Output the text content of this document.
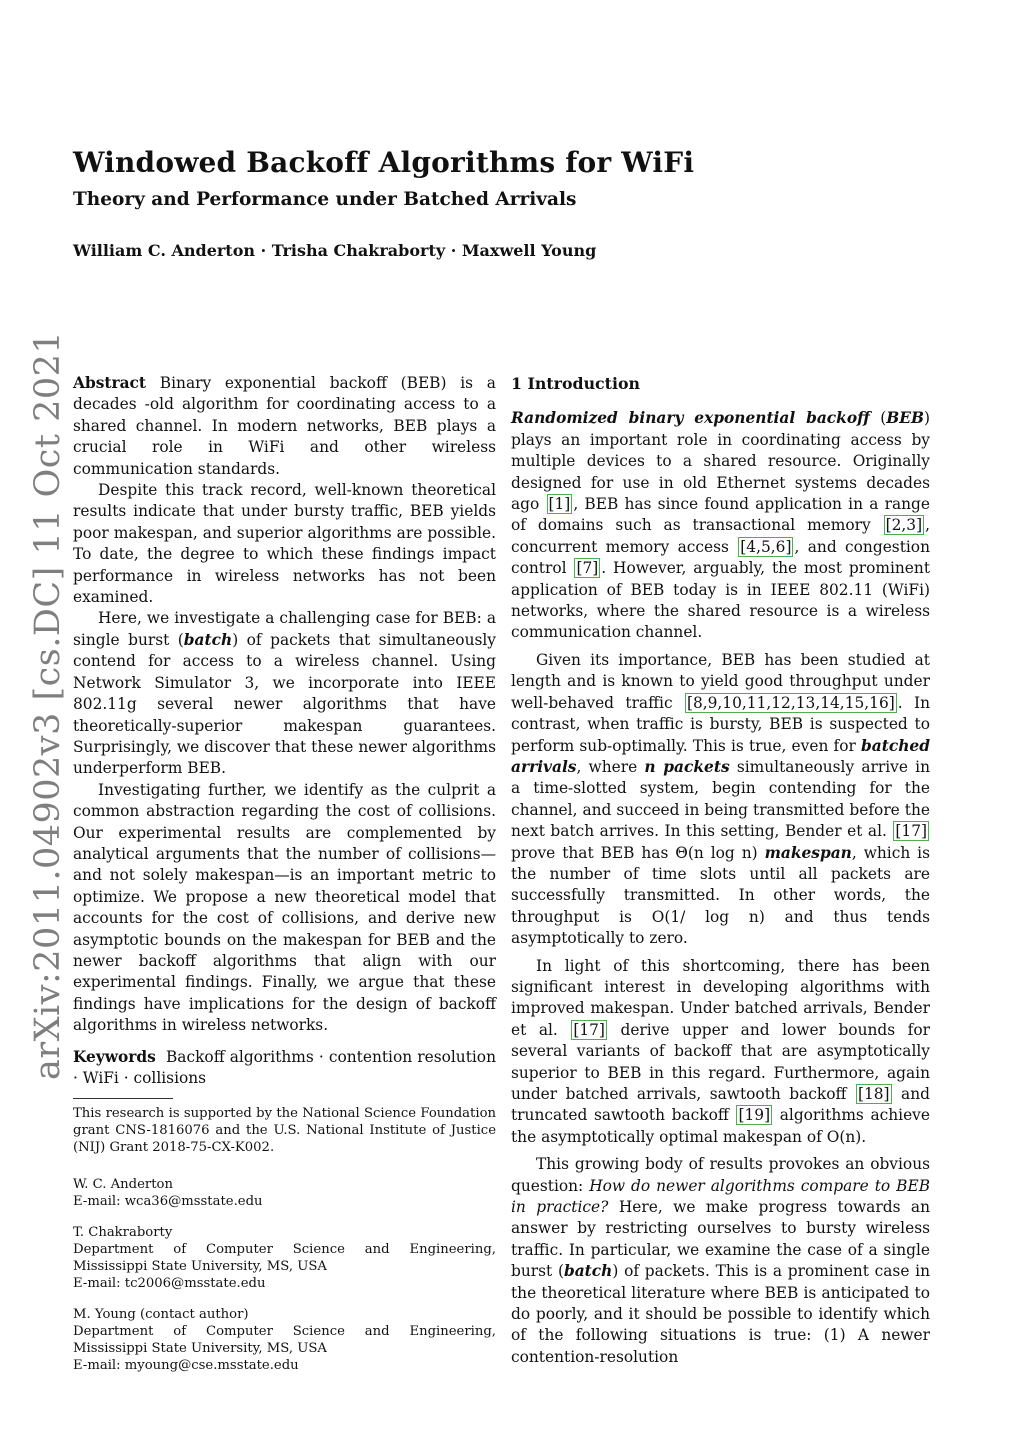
Windowed Backoff Algorithms for WiFi
Theory and Performance under Batched Arrivals
William C. Anderton · Trisha Chakraborty · Maxwell Young
arXiv:2011.04902v3 [cs.DC] 11 Oct 2021 Abstract Binary exponential backoff (BEB) is a decades -old algorithm for coordinating access to a shared channel. In modern networks, BEB plays a crucial role in WiFi and other wireless communication standards.

Despite this track record, well-known theoretical results indicate that under bursty traffic, BEB yields poor makespan, and superior algorithms are possible. To date, the degree to which these findings impact performance in wireless networks has not been examined.

Here, we investigate a challenging case for BEB: a single burst (batch) of packets that simultaneously contend for access to a wireless channel. Using Network Simulator 3, we incorporate into IEEE 802.11g several newer algorithms that have theoretically-superior makespan guarantees. Surprisingly, we discover that these newer algorithms underperform BEB.

Investigating further, we identify as the culprit a common abstraction regarding the cost of collisions. Our experimental results are complemented by analytical arguments that the number of collisions—and not solely makespan—is an important metric to optimize. We propose a new theoretical model that accounts for the cost of collisions, and derive new asymptotic bounds on the makespan for BEB and the newer backoff algorithms that align with our experimental findings. Finally, we argue that these findings have implications for the design of backoff algorithms in wireless networks.

Keywords Backoff algorithms · contention resolution · WiFi · collisions

This research is supported by the National Science Foundation grant CNS-1816076 and the U.S. National Institute of Justice (NIJ) Grant 2018-75-CX-K002.
W. C. Anderton
E-mail: wca36@msstate.edu
T. Chakraborty
Department of Computer Science and Engineering, Mississippi State University, MS, USA
E-mail: tc2006@msstate.edu
M. Young (contact author)
Department of Computer Science and Engineering, Mississippi State University, MS, USA
E-mail: myoung@cse.msstate.edu
1 Introduction

Randomized binary exponential backoff (BEB) plays an important role in coordinating access by multiple devices to a shared resource. Originally designed for use in old Ethernet systems decades ago [1] , BEB has since found application in a range of domains such as transactional memory [2,3] , concurrent memory access [4,5,6] , and congestion control [7] . However, arguably, the most prominent application of BEB today is in IEEE 802.11 (WiFi) networks, where the shared resource is a wireless communication channel.

Given its importance, BEB has been studied at length and is known to yield good throughput under well-behaved traffic [8,9,10,11,12,13,14,15,16] . In contrast, when traffic is bursty, BEB is suspected to perform sub-optimally. This is true, even for batched arrivals, where n packets simultaneously arrive in a time-slotted system, begin contending for the channel, and succeed in being transmitted before the next batch arrives. In this setting, Bender et al. [17] prove that BEB has Θ(n log n) makespan, which is the number of time slots until all packets are successfully transmitted. In other words, the throughput is O(1/ log n) and thus tends asymptotically to zero.

In light of this shortcoming, there has been significant interest in developing algorithms with improved makespan. Under batched arrivals, Bender et al. [17] derive upper and lower bounds for several variants of backoff that are asymptotically superior to BEB in this regard. Furthermore, again under batched arrivals, sawtooth backoff [18] and truncated sawtooth backoff [19] algorithms achieve the asymptotically optimal makespan of O(n).

This growing body of results provokes an obvious question: How do newer algorithms compare to BEB in practice? Here, we make progress towards an answer by restricting ourselves to bursty wireless traffic. In particular, we examine the case of a single burst (batch) of packets. This is a prominent case in the theoretical literature where BEB is anticipated to do poorly, and it should be possible to identify which of the following situations is true: (1) A newer contention-resolution
